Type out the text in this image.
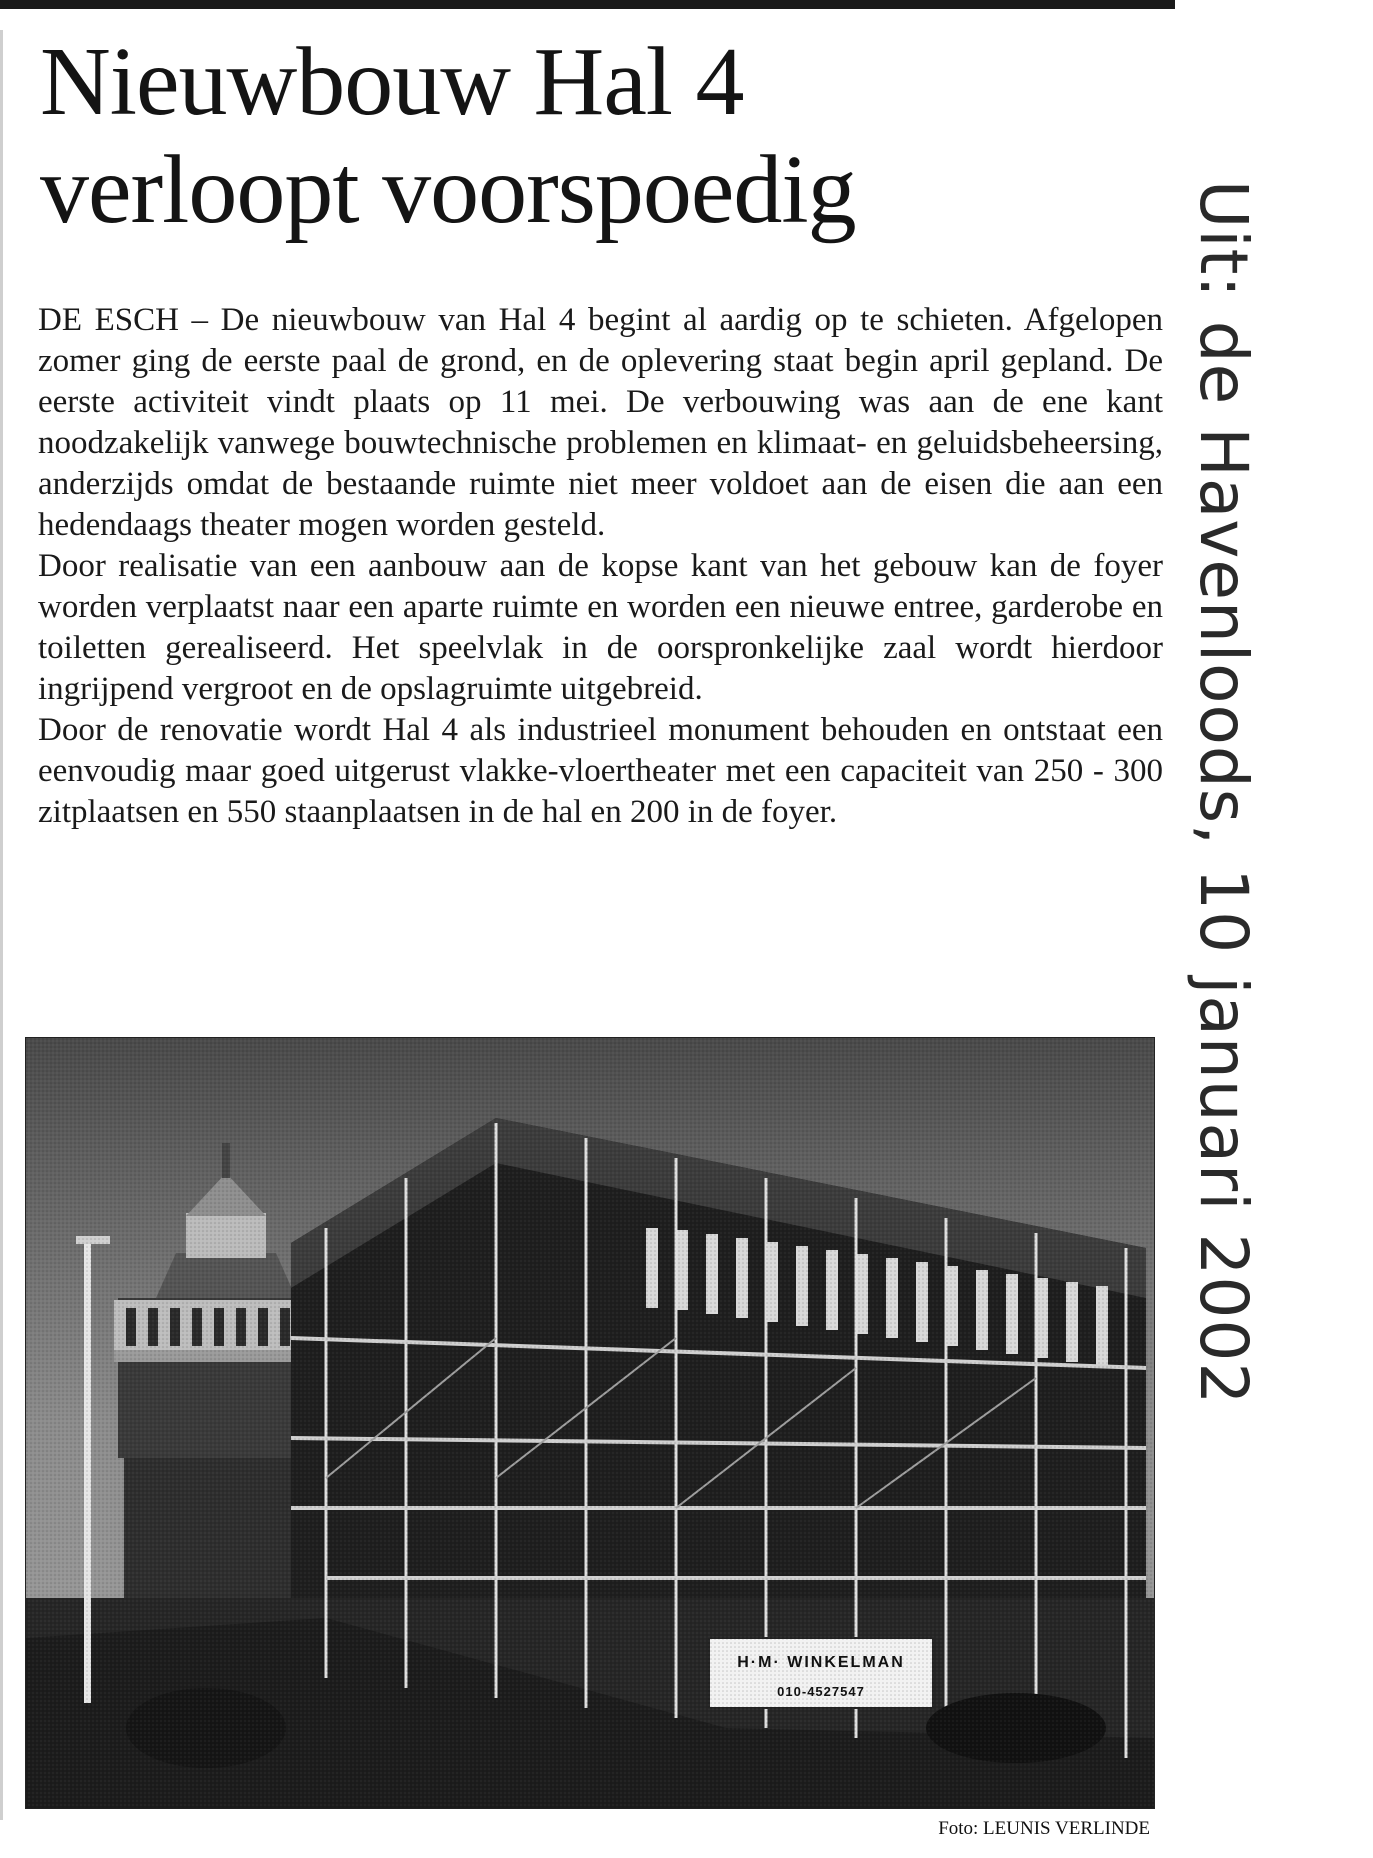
Nieuwbouw Hal 4
verloopt voorspoedig

DE ESCH – De nieuwbouw van Hal 4 begint al aardig op te schieten. Afgelopen zomer ging de eerste paal de grond, en de oplevering staat begin april gepland. De eerste activiteit vindt plaats op 11 mei. De verbouwing was aan de ene kant noodzakelijk vanwege bouwtechnische problemen en klimaat- en geluidsbeheersing, anderzijds omdat de bestaande ruimte niet meer voldoet aan de eisen die aan een hedendaags theater mogen worden gesteld.

Door realisatie van een aanbouw aan de kopse kant van het gebouw kan de foyer worden verplaatst naar een aparte ruimte en worden een nieuwe entree, garderobe en toiletten gerealiseerd. Het speelvlak in de oorspronkelijke zaal wordt hierdoor ingrijpend vergroot en de opslagruimte uitgebreid.

Door de renovatie wordt Hal 4 als industrieel monument behouden en ontstaat een eenvoudig maar goed uitgerust vlakke-vloertheater met een capaciteit van 250 - 300 zitplaatsen en 550 staanplaatsen in de hal en 200 in de foyer.

H·M· WINKELMAN
010-4527547
Foto: LEUNIS VERLINDE
Uit: de Havenloods, 10 januari 2002
